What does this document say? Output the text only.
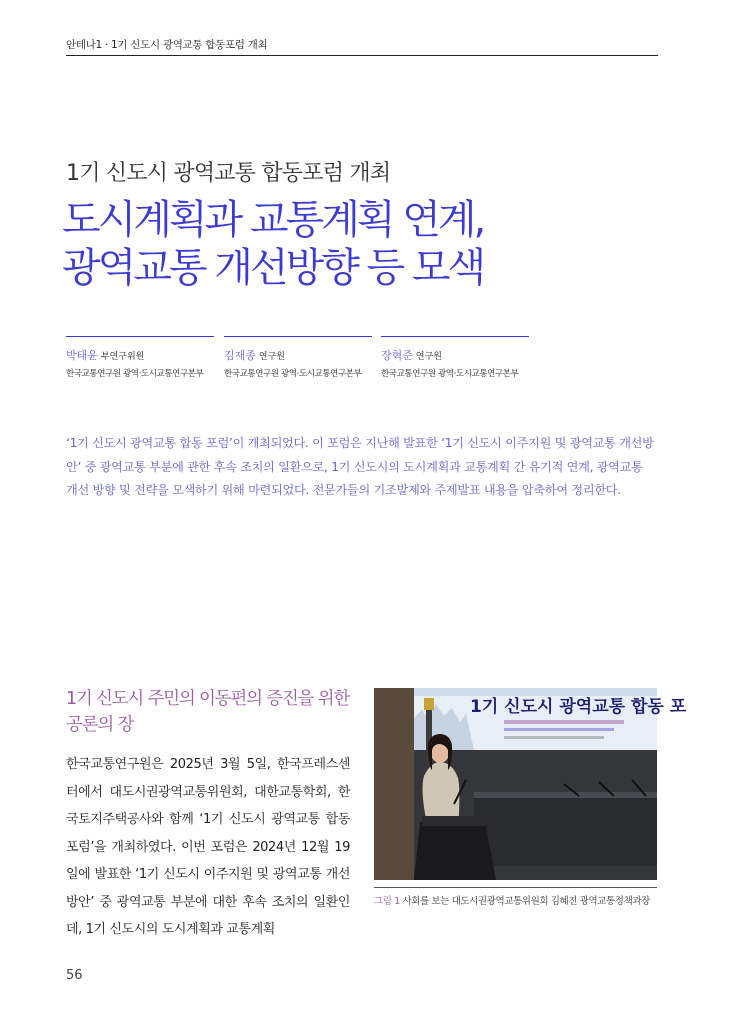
안테나1 · 1기 신도시 광역교통 합동포럼 개최
1기 신도시 광역교통 합동포럼 개최
도시계획과 교통계획 연계,
광역교통 개선방향 등 모색
박태윤 부연구위원
한국교통연구원 광역·도시교통연구본부
김재종 연구원
한국교통연구원 광역·도시교통연구본부
장혁준 연구원
한국교통연구원 광역·도시교통연구본부
‘1기 신도시 광역교통 합동 포럼’이 개최되었다. 이 포럼은 지난해 발표한 ‘1기 신도시 이주지원 및 광역교통 개선방안’ 중 광역교통 부분에 관한 후속 조치의 일환으로, 1기 신도시의 도시계획과 교통계획 간 유기적 연계, 광역교통 개선 방향 및 전략을 모색하기 위해 마련되었다. 전문가들의 기조발제와 주제발표 내용을 압축하여 정리한다.
1기 신도시 주민의 이동편의 증진을 위한
공론의 장
한국교통연구원은 2025년 3월 5일, 한국프레스센터에서 대도시권광역교통위원회, 대한교통학회, 한국토지주택공사와 함께 ‘1기 신도시 광역교통 합동 포럼’을 개최하였다. 이번 포럼은 2024년 12월 19일에 발표한 ‘1기 신도시 이주지원 및 광역교통 개선방안’ 중 광역교통 부분에 대한 후속 조치의 일환인데, 1기 신도시의 도시계획과 교통계획
1기 신도시 광역교통 합동 포
그림 1 사회를 보는 대도시권광역교통위원회 김혜진 광역교통정책과장
56
